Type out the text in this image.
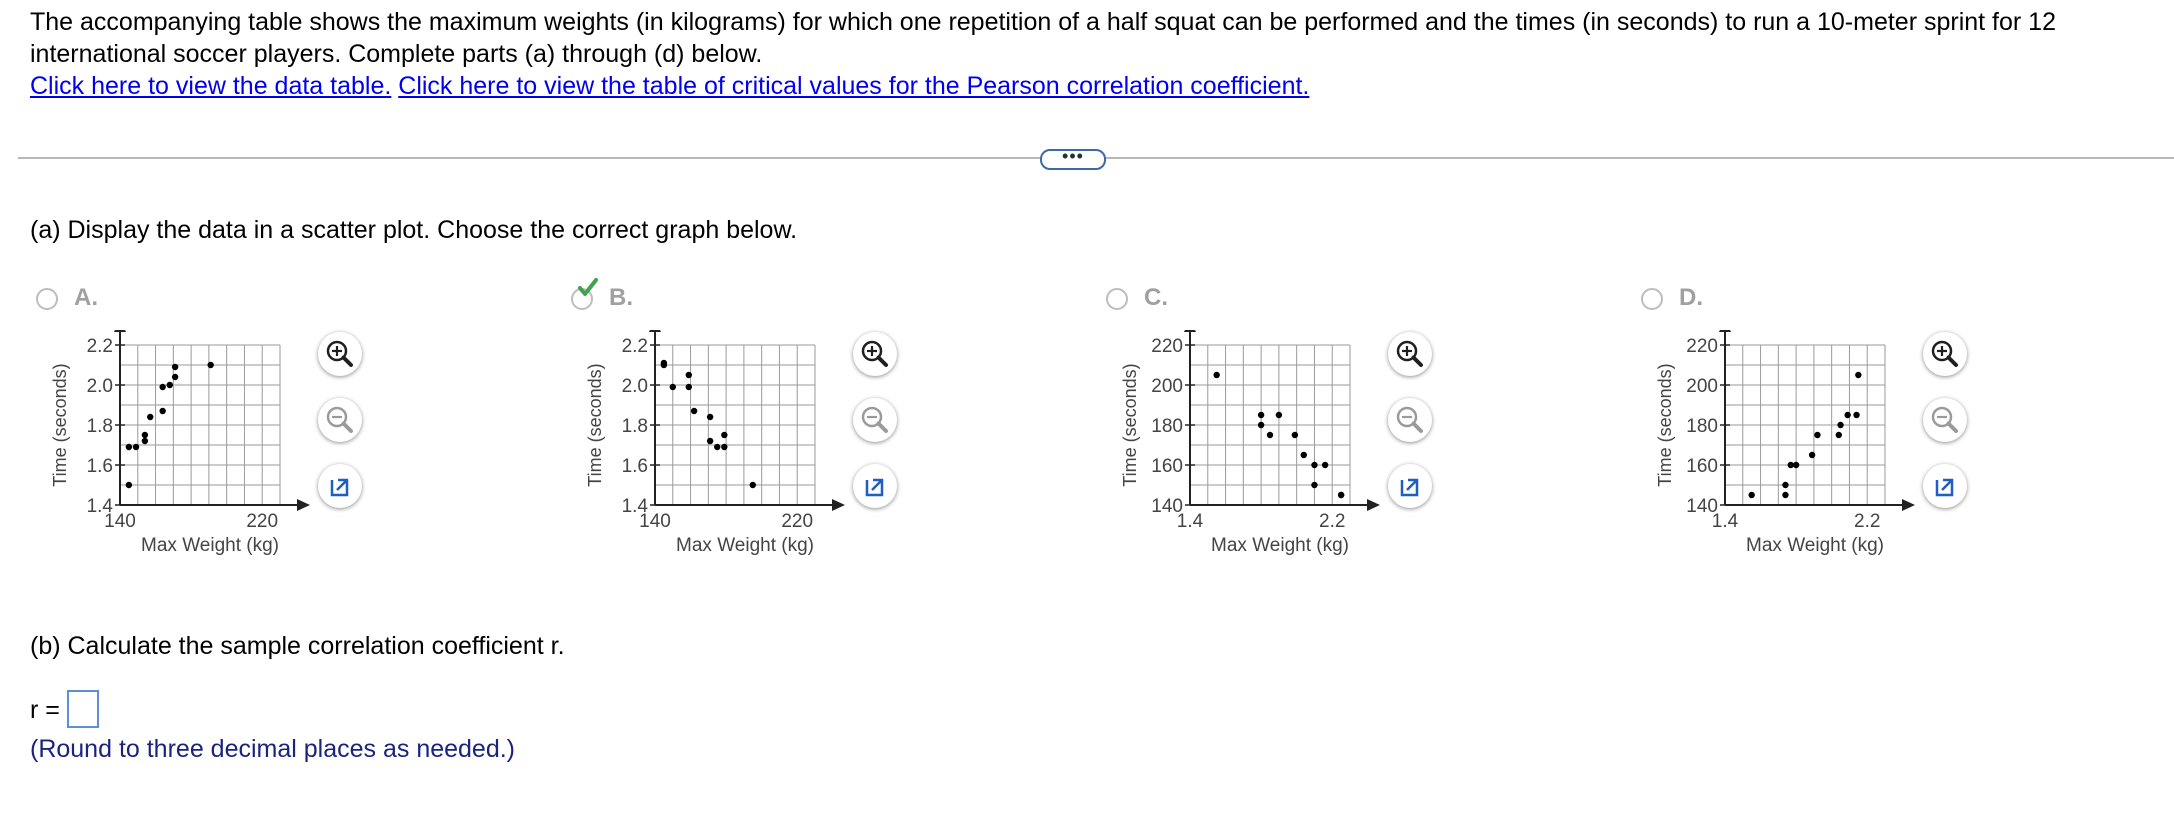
The accompanying table shows the maximum weights (in kilograms) for which one repetition of a half squat can be performed and the times (in seconds) to run a 10-meter sprint for 12 international soccer players. Complete parts (a) through (d) below.
Click here to view the data table. Click here to view the table of critical values for the Pearson correlation coefficient.
•••
(a) Display the data in a scatter plot. Choose the correct graph below.
A.
2.2
2.0
1.8
1.6
1.4
140	220
Max Weight (kg)
Time (seconds)
B.
2.2
2.0
1.8
1.6
1.4
140	220
Max Weight (kg)
Time (seconds)
C.
220
200
180
160
140
1.4	2.2
Max Weight (kg)
Time (seconds)
D.
220
200
180
160
140
1.4	2.2
Max Weight (kg)
Time (seconds)
(b) Calculate the sample correlation coefficient r.
r =
(Round to three decimal places as needed.)
